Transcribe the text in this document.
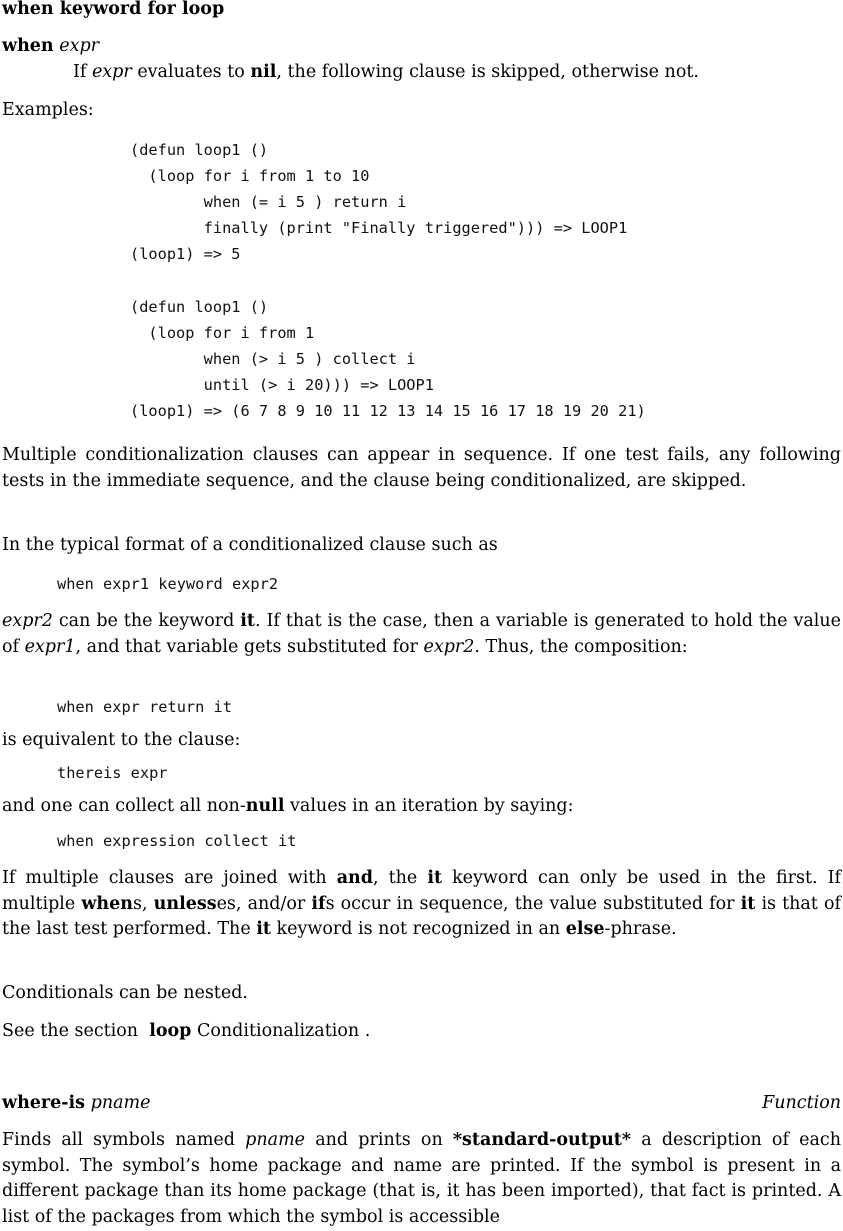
when keyword for loop
when expr
If expr evaluates to nil, the following clause is skipped, otherwise not.
Examples:
(defun loop1 ()
(loop for i from 1 to 10
when (= i 5 ) return i
finally (print "Finally triggered"))) => LOOP1
(loop1) => 5

(defun loop1 ()
(loop for i from 1
when (> i 5 ) collect i
until (> i 20))) => LOOP1
(loop1) => (6 7 8 9 10 11 12 13 14 15 16 17 18 19 20 21)
Multiple conditionalization clauses can appear in sequence. If one test fails, any following tests in the immediate sequence, and the clause being conditionalized, are skipped.
In the typical format of a conditionalized clause such as
when expr1 keyword expr2
expr2 can be the keyword it. If that is the case, then a variable is generated to hold the value of expr1, and that variable gets substituted for expr2. Thus, the composition:
when expr return it
is equivalent to the clause:
thereis expr
and one can collect all non-null values in an iteration by saying:
when expression collect it
If multiple clauses are joined with and, the it keyword can only be used in the first. If multiple whens, unlesses, and/or ifs occur in sequence, the value substituted for it is that of the last test performed. The it keyword is not recognized in an else-phrase.
Conditionals can be nested.
See the section  loop Conditionalization .
where-is pname	Function
Finds all symbols named pname and prints on *standard-output* a description of each symbol. The symbol’s home package and name are printed. If the symbol is present in a different package than its home package (that is, it has been imported), that fact is printed. A list of the packages from which the symbol is accessible
